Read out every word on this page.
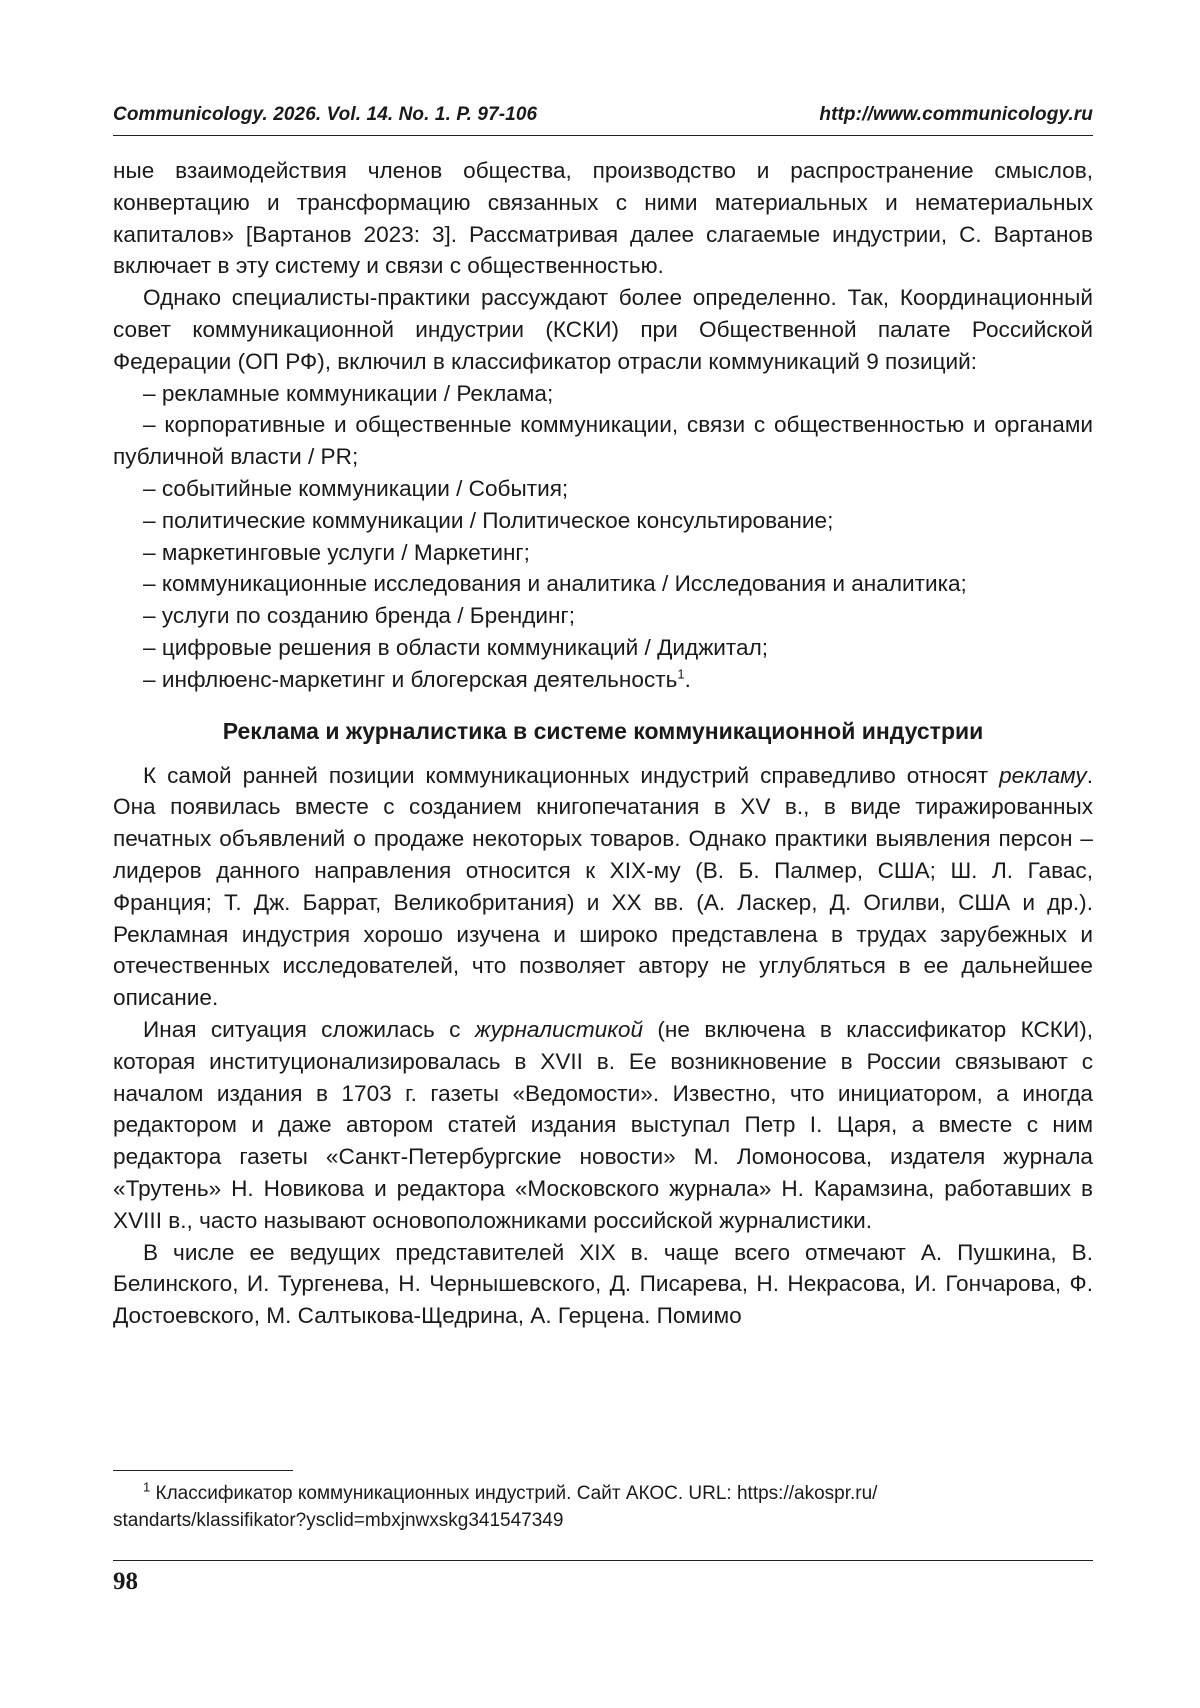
Communicology. 2026. Vol. 14. No. 1. P. 97-106	http://www.communicology.ru

ные взаимодействия членов общества, производство и распространение смыслов, конвертацию и трансформацию связанных с ними материальных и нематериальных капиталов» [Вартанов 2023: 3]. Рассматривая далее слагаемые индустрии, С. Вартанов включает в эту систему и связи с общественностью.

Однако специалисты-практики рассуждают более определенно. Так, Координационный совет коммуникационной индустрии (КСКИ) при Общественной палате Российской Федерации (ОП РФ), включил в классификатор отрасли коммуникаций 9 позиций:

– рекламные коммуникации / Реклама;
– корпоративные и общественные коммуникации, связи с общественностью и органами публичной власти / PR;
– событийные коммуникации / События;
– политические коммуникации / Политическое консультирование;
– маркетинговые услуги / Маркетинг;
– коммуникационные исследования и аналитика / Исследования и аналитика;
– услуги по созданию бренда / Брендинг;
– цифровые решения в области коммуникаций / Диджитал;
– инфлюенс-маркетинг и блогерская деятельность$^1$.
Реклама и журналистика в системе коммуникационной индустрии

К самой ранней позиции коммуникационных индустрий справедливо относят рекламу. Она появилась вместе с созданием книгопечатания в XV в., в виде тиражированных печатных объявлений о продаже некоторых товаров. Однако практики выявления персон – лидеров данного направления относится к XIX-му (В. Б. Палмер, США; Ш. Л. Гавас, Франция; Т. Дж. Баррат, Великобритания) и XX вв. (А. Ласкер, Д. Огилви, США и др.). Рекламная индустрия хорошо изучена и широко представлена в трудах зарубежных и отечественных исследователей, что позволяет автору не углубляться в ее дальнейшее описание.

Иная ситуация сложилась с журналистикой (не включена в классификатор КСКИ), которая институционализировалась в XVII в. Ее возникновение в России связывают с началом издания в 1703 г. газеты «Ведомости». Известно, что инициатором, а иногда редактором и даже автором статей издания выступал Петр I. Царя, а вместе с ним редактора газеты «Санкт-Петербургские новости» М. Ломоносова, издателя журнала «Трутень» Н. Новикова и редактора «Московского журнала» Н. Карамзина, работавших в XVIII в., часто называют основоположниками российской журналистики.

В числе ее ведущих представителей XIX в. чаще всего отмечают А. Пушкина, В. Белинского, И. Тургенева, Н. Чернышевского, Д. Писарева, Н. Некрасова, И. Гончарова, Ф. Достоевского, М. Салтыкова-Щедрина, А. Герцена. Помимо

$^1$ Классификатор коммуникационных индустрий. Сайт АКОС. URL: https://akospr.ru/
standarts/klassifikator?ysclid=mbxjnwxskg341547349
98
